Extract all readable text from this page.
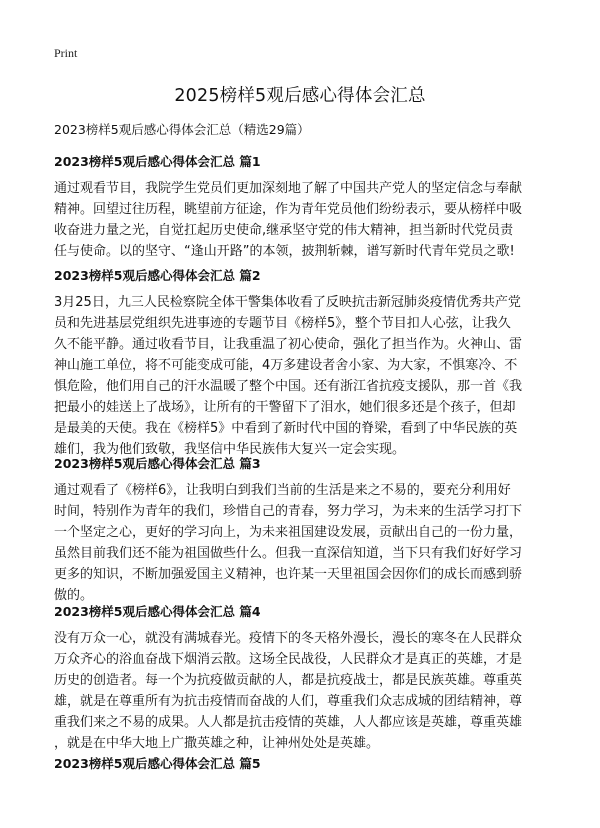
Print
2025榜样5观后感心得体会汇总

2023榜样5观后感心得体会汇总（精选29篇）

2023榜样5观后感心得体会汇总 篇1
通过观看节目，我院学生党员们更加深刻地了解了中国共产党人的坚定信念与奉献
精神。回望过往历程，眺望前方征途，作为青年党员他们纷纷表示，要从榜样中吸
收奋进力量之光，自觉扛起历史使命,继承坚守党的伟大精神，担当新时代党员责
任与使命。以的坚守、“逢山开路”的本领，披荆斩棘，谱写新时代青年党员之歌!
2023榜样5观后感心得体会汇总 篇2
3月25日，九三人民检察院全体干警集体收看了反映抗击新冠肺炎疫情优秀共产党
员和先进基层党组织先进事迹的专题节目《榜样5》，整个节目扣人心弦，让我久
久不能平静。通过收看节目，让我重温了初心使命，强化了担当作为。火神山、雷
神山施工单位，将不可能变成可能，4万多建设者舍小家、为大家，不惧寒冷、不
惧危险，他们用自己的汗水温暖了整个中国。还有浙江省抗疫支援队，那一首《我
把最小的娃送上了战场》，让所有的干警留下了泪水，她们很多还是个孩子，但却
是最美的天使。我在《榜样5》中看到了新时代中国的脊梁，看到了中华民族的英
雄们，我为他们致敬，我坚信中华民族伟大复兴一定会实现。
2023榜样5观后感心得体会汇总 篇3
通过观看了《榜样6》，让我明白到我们当前的生活是来之不易的，要充分利用好
时间，特别作为青年的我们，珍惜自己的青春，努力学习，为未来的生活学习打下
一个坚定之心，更好的学习向上，为未来祖国建设发展，贡献出自己的一份力量，
虽然目前我们还不能为祖国做些什么。但我一直深信知道，当下只有我们好好学习
更多的知识，不断加强爱国主义精神，也许某一天里祖国会因你们的成长而感到骄
傲的。
2023榜样5观后感心得体会汇总 篇4
没有万众一心，就没有满城春光。疫情下的冬天格外漫长，漫长的寒冬在人民群众
万众齐心的浴血奋战下烟消云散。这场全民战役，人民群众才是真正的英雄，才是
历史的创造者。每一个为抗疫做贡献的人，都是抗疫战士，都是民族英雄。尊重英
雄，就是在尊重所有为抗击疫情而奋战的人们，尊重我们众志成城的团结精神，尊
重我们来之不易的成果。人人都是抗击疫情的英雄，人人都应该是英雄，尊重英雄
，就是在中华大地上广撒英雄之种，让神州处处是英雄。
2023榜样5观后感心得体会汇总 篇5
